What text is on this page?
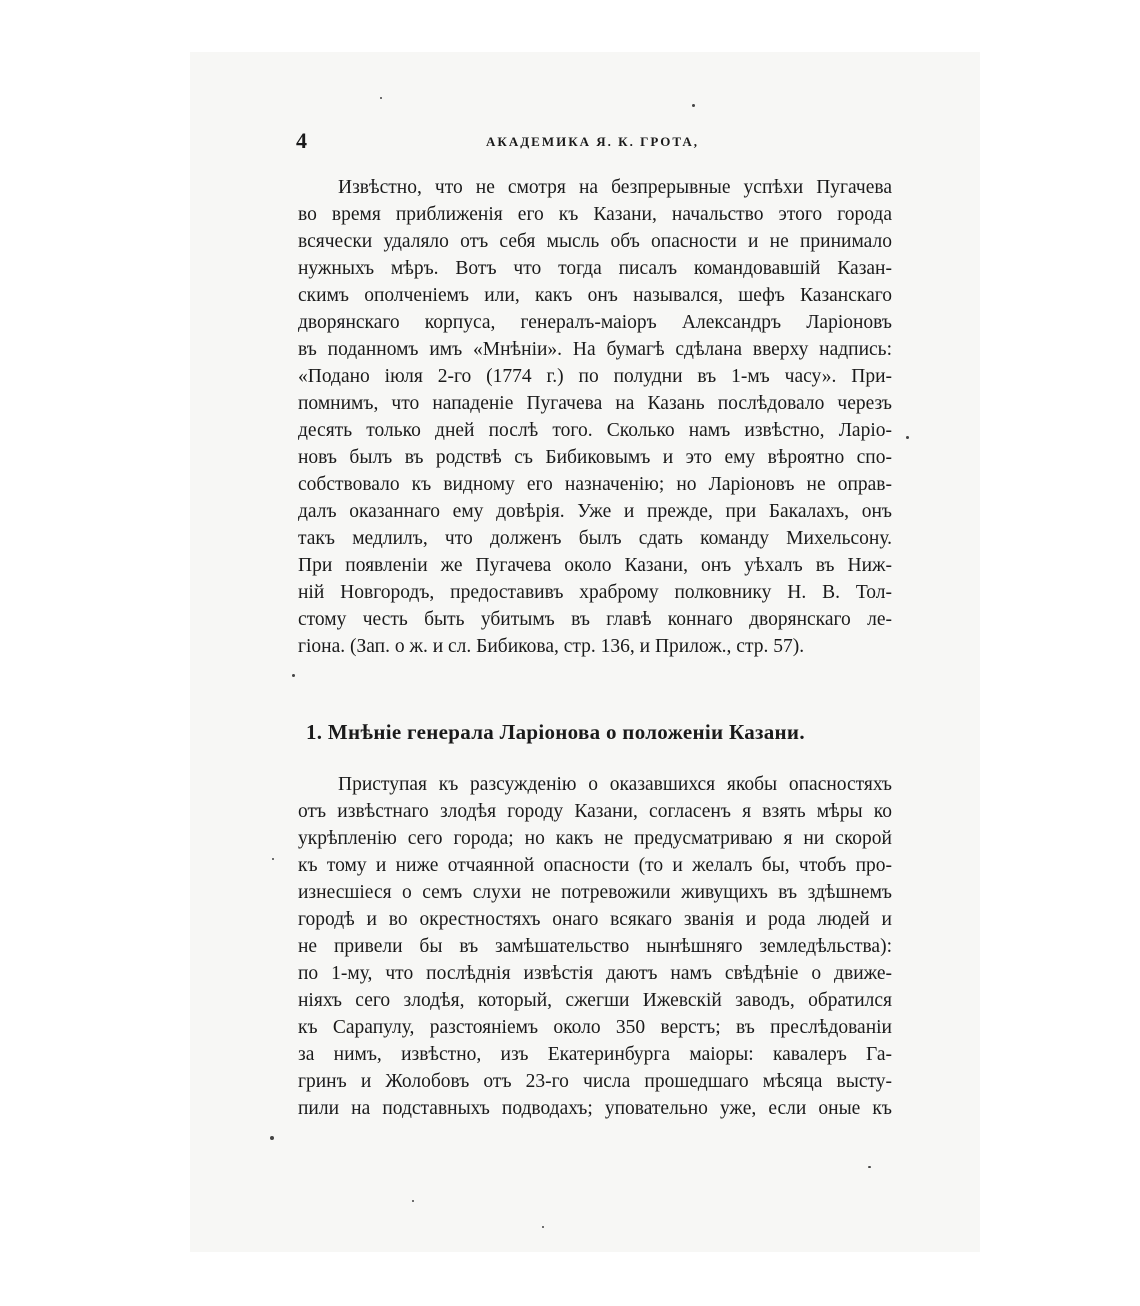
4	АКАДЕМИКА Я. К. ГРОТА,
Извѣстно, что не смотря на безпрерывные успѣхи Пугачева
во время приближенія его къ Казани, начальство этого города
всячески удаляло отъ себя мысль объ опасности и не принимало
нужныхъ мѣръ. Вотъ что тогда писалъ командовавшій Казан-
скимъ ополченіемъ или, какъ онъ назывался, шефъ Казанскаго
дворянскаго корпуса, генералъ-маіоръ Александръ Ларіоновъ
въ поданномъ имъ «Мнѣніи». На бумагѣ сдѣлана вверху надпись:
«Подано іюля 2-го (1774 г.) по полудни въ 1-мъ часу». При-
помнимъ, что нападеніе Пугачева на Казань послѣдовало черезъ
десять только дней послѣ того. Сколько намъ извѣстно, Ларіо-
новъ былъ въ родствѣ съ Бибиковымъ и это ему вѣроятно спо-
собствовало къ видному его назначенію; но Ларіоновъ не оправ-
далъ оказаннаго ему довѣрія. Уже и прежде, при Бакалахъ, онъ
такъ медлилъ, что долженъ былъ сдать команду Михельсону.
При появленіи же Пугачева около Казани, онъ уѣхалъ въ Ниж-
ній Новгородъ, предоставивъ храброму полковнику Н. В. Тол-
стому честь быть убитымъ въ главѣ коннаго дворянскаго ле-
гіона. (Зап. о ж. и сл. Бибикова, стр. 136, и Прилож., стр. 57).
1. Мнѣніе генерала Ларіонова о положеніи Казани.
Приступая къ разсужденію о оказавшихся якобы опасностяхъ
отъ извѣстнаго злодѣя городу Казани, согласенъ я взять мѣры ко
укрѣпленію сего города; но какъ не предусматриваю я ни скорой
къ тому и ниже отчаянной опасности (то и желалъ бы, чтобъ про-
изнесшіеся о семъ слухи не потревожили живущихъ въ здѣшнемъ
городѣ и во окрестностяхъ онаго всякаго званія и рода людей и
не привели бы въ замѣшательство нынѣшняго земледѣльства):
по 1-му, что послѣднія извѣстія даютъ намъ свѣдѣніе о движе-
ніяхъ сего злодѣя, который, сжегши Ижевскій заводъ, обратился
къ Сарапулу, разстояніемъ около 350 верстъ; въ преслѣдованіи
за нимъ, извѣстно, изъ Екатеринбурга маіоры: кавалеръ Га-
гринъ и Жолобовъ отъ 23-го числа прошедшаго мѣсяца высту-
пили на подставныхъ подводахъ; уповательно уже, если оные къ
